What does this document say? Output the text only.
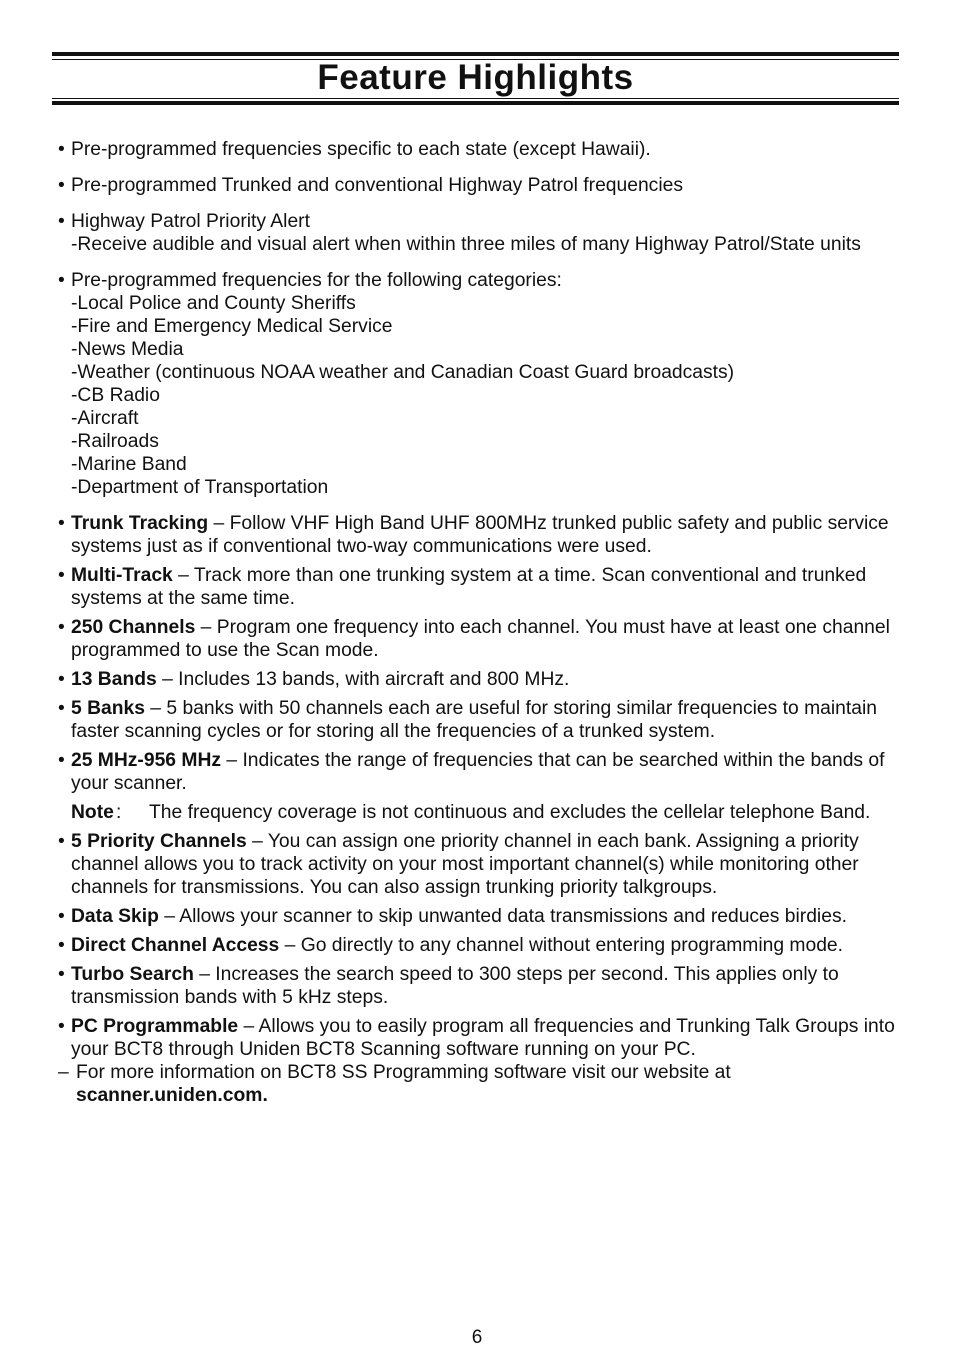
Feature Highlights
• Pre-programmed frequencies specific to each state (except Hawaii).
• Pre-programmed Trunked and conventional Highway Patrol frequencies
• Highway Patrol Priority Alert
-Receive audible and visual alert when within three miles of many Highway Patrol/State units
• Pre-programmed frequencies for the following categories:
-Local Police and County Sheriffs
-Fire and Emergency Medical Service
-News Media
-Weather (continuous NOAA weather and Canadian Coast Guard broadcasts)
-CB Radio
-Aircraft
-Railroads
-Marine Band
-Department of Transportation
• Trunk Tracking – Follow VHF High Band UHF 800MHz trunked public safety and public service systems just as if conventional two-way communications were used.
• Multi-Track – Track more than one trunking system at a time. Scan conventional and trunked systems at the same time.
• 250 Channels – Program one frequency into each channel. You must have at least one channel programmed to use the Scan mode.
• 13 Bands – Includes 13 bands, with aircraft and 800 MHz.
• 5 Banks – 5 banks with 50 channels each are useful for storing similar frequencies to maintain faster scanning cycles or for storing all the frequencies of a trunked system.
• 25 MHz-956 MHz – Indicates the range of frequencies that can be searched within the bands of your scanner.
Note : The frequency coverage is not continuous and excludes the cellelar telephone Band.
• 5 Priority Channels – You can assign one priority channel in each bank. Assigning a priority channel allows you to track activity on your most important channel(s) while monitoring other channels for transmissions. You can also assign trunking priority talkgroups.
• Data Skip – Allows your scanner to skip unwanted data transmissions and reduces birdies.
• Direct Channel Access – Go directly to any channel without entering programming mode.
• Turbo Search – Increases the search speed to 300 steps per second. This applies only to transmission bands with 5 kHz steps.
• PC Programmable – Allows you to easily program all frequencies and Trunking Talk Groups into your BCT8 through Uniden BCT8 Scanning software running on your PC.
– For more information on BCT8 SS Programming software visit our website at
scanner.uniden.com.
6
